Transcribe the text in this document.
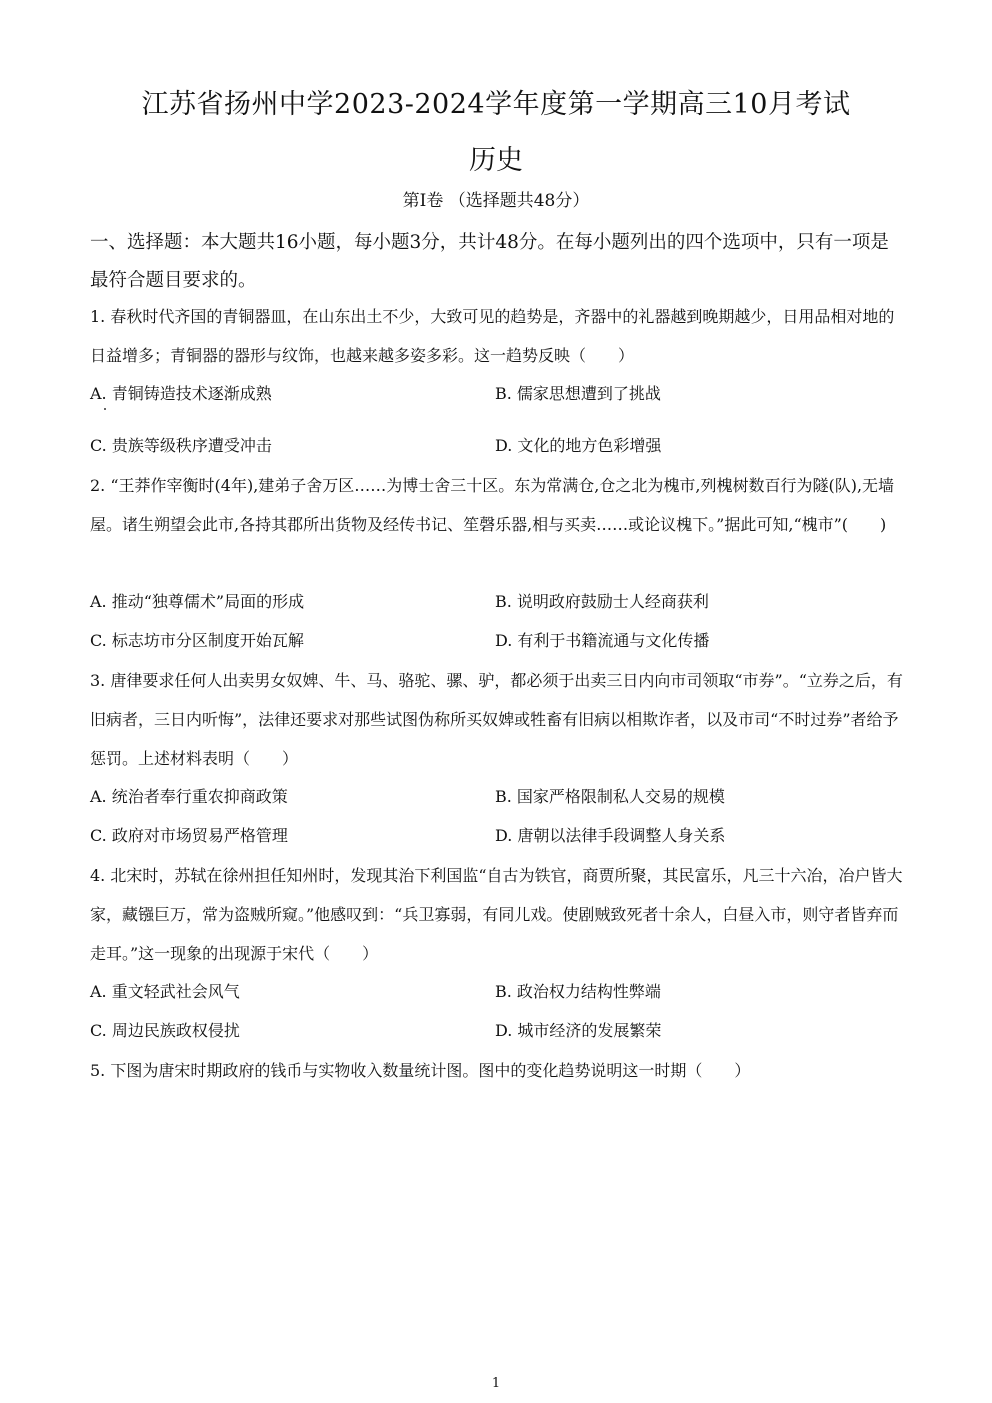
江苏省扬州中学2023-2024学年度第一学期高三10月考试
历史
第Ⅰ卷 （选择题共48分）
一、选择题：本大题共16小题，每小题3分，共计48分。在每小题列出的四个选项中，只有一项是最符合题目要求的。
1. 春秋时代齐国的青铜器皿，在山东出土不少，大致可见的趋势是，齐器中的礼器越到晚期越少，日用品相对地的日益增多；青铜器的器形与纹饰，也越来越多姿多彩。这一趋势反映（　　）
A. 青铜铸造技术逐渐成熟	B. 儒家思想遭到了挑战
C. 贵族等级秩序遭受冲击	D. 文化的地方色彩增强
2. “王莽作宰衡时(4年),建弟子舍万区……为博士舍三十区。东为常满仓,仓之北为槐市,列槐树数百行为隧(队),无墙屋。诸生朔望会此市,各持其郡所出货物及经传书记、笙磬乐器,相与买卖……或论议槐下。”据此可知,“槐市”(　　)
A. 推动“独尊儒术”局面的形成	B. 说明政府鼓励士人经商获利
C. 标志坊市分区制度开始瓦解	D. 有利于书籍流通与文化传播
3. 唐律要求任何人出卖男女奴婢、牛、马、骆驼、骡、驴，都必须于出卖三日内向市司领取“市券”。“立券之后，有旧病者，三日内听悔”，法律还要求对那些试图伪称所买奴婢或牲畜有旧病以相欺诈者，以及市司“不时过券”者给予惩罚。上述材料表明（　　）
A. 统治者奉行重农抑商政策	B. 国家严格限制私人交易的规模
C. 政府对市场贸易严格管理	D. 唐朝以法律手段调整人身关系
4. 北宋时，苏轼在徐州担任知州时，发现其治下利国监“自古为铁官，商贾所聚，其民富乐，凡三十六冶，冶户皆大家，藏镪巨万，常为盗贼所窥。”他感叹到：“兵卫寡弱，有同儿戏。使剧贼致死者十余人，白昼入市，则守者皆弃而走耳。”这一现象的出现源于宋代（　　）
A. 重文轻武社会风气	B. 政治权力结构性弊端
C. 周边民族政权侵扰	D. 城市经济的发展繁荣
5. 下图为唐宋时期政府的钱币与实物收入数量统计图。图中的变化趋势说明这一时期（　　）
1
